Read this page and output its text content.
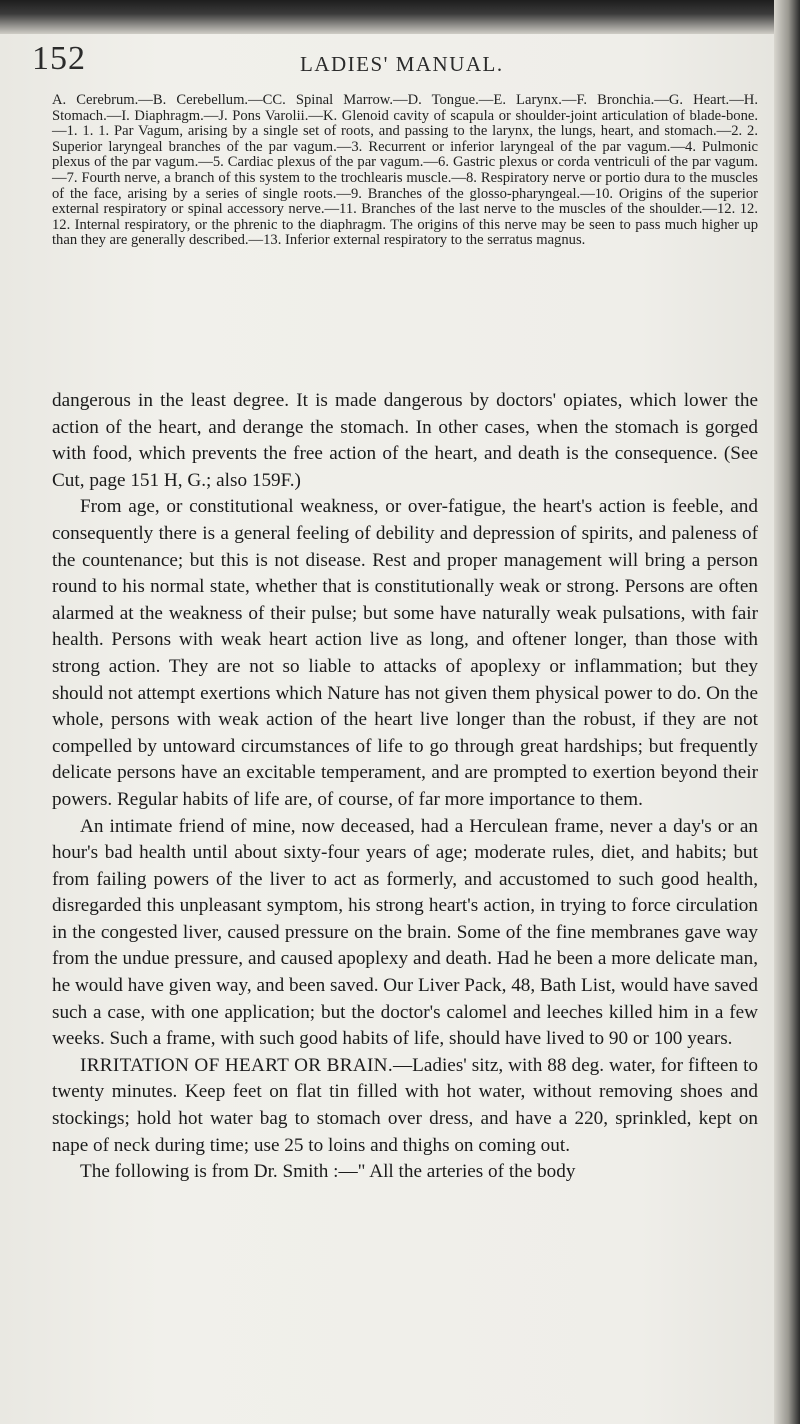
152	LADIES' MANUAL.
A. Cerebrum.—B. Cerebellum.—CC. Spinal Marrow.—D. Tongue.—E. Larynx.—F. Bronchia.—G. Heart.—H. Stomach.—I. Diaphragm.—J. Pons Varolii.—K. Glenoid cavity of scapula or shoulder-joint articulation of blade-bone.—1. 1. 1. Par Vagum, arising by a single set of roots, and passing to the larynx, the lungs, heart, and stomach.—2. 2. Superior laryngeal branches of the par vagum.—3. Recurrent or inferior laryngeal of the par vagum.—4. Pulmonic plexus of the par vagum.—5. Cardiac plexus of the par vagum.—6. Gastric plexus or corda ventriculi of the par vagum.—7. Fourth nerve, a branch of this system to the trochlearis muscle.—8. Respiratory nerve or portio dura to the muscles of the face, arising by a series of single roots.—9. Branches of the glosso-pharyngeal.—10. Origins of the superior external respiratory or spinal accessory nerve.—11. Branches of the last nerve to the muscles of the shoulder.—12. 12. 12. Internal respiratory, or the phrenic to the diaphragm. The origins of this nerve may be seen to pass much higher up than they are generally described.—13. Inferior external respiratory to the serratus magnus.

dangerous in the least degree. It is made dangerous by doctors' opiates, which lower the action of the heart, and derange the stomach. In other cases, when the stomach is gorged with food, which prevents the free action of the heart, and death is the consequence. (See Cut, page 151 H, G.; also 159F.)

From age, or constitutional weakness, or over-fatigue, the heart's action is feeble, and consequently there is a general feeling of debility and depression of spirits, and paleness of the countenance; but this is not disease. Rest and proper management will bring a person round to his normal state, whether that is constitutionally weak or strong. Persons are often alarmed at the weakness of their pulse; but some have naturally weak pulsations, with fair health. Persons with weak heart action live as long, and oftener longer, than those with strong action. They are not so liable to attacks of apoplexy or inflammation; but they should not attempt exertions which Nature has not given them physical power to do. On the whole, persons with weak action of the heart live longer than the robust, if they are not compelled by untoward circumstances of life to go through great hardships; but frequently delicate persons have an excitable temperament, and are prompted to exertion beyond their powers. Regular habits of life are, of course, of far more importance to them.

An intimate friend of mine, now deceased, had a Herculean frame, never a day's or an hour's bad health until about sixty-four years of age; moderate rules, diet, and habits; but from failing powers of the liver to act as formerly, and accustomed to such good health, disregarded this unpleasant symptom, his strong heart's action, in trying to force circulation in the congested liver, caused pressure on the brain. Some of the fine membranes gave way from the undue pressure, and caused apoplexy and death. Had he been a more delicate man, he would have given way, and been saved. Our Liver Pack, 48, Bath List, would have saved such a case, with one application; but the doctor's calomel and leeches killed him in a few weeks. Such a frame, with such good habits of life, should have lived to 90 or 100 years.

IRRITATION OF HEART OR BRAIN.—Ladies' sitz, with 88 deg. water, for fifteen to twenty minutes. Keep feet on flat tin filled with hot water, without removing shoes and stockings; hold hot water bag to stomach over dress, and have a 220, sprinkled, kept on nape of neck during time; use 25 to loins and thighs on coming out.

The following is from Dr. Smith :—" All the arteries of the body
